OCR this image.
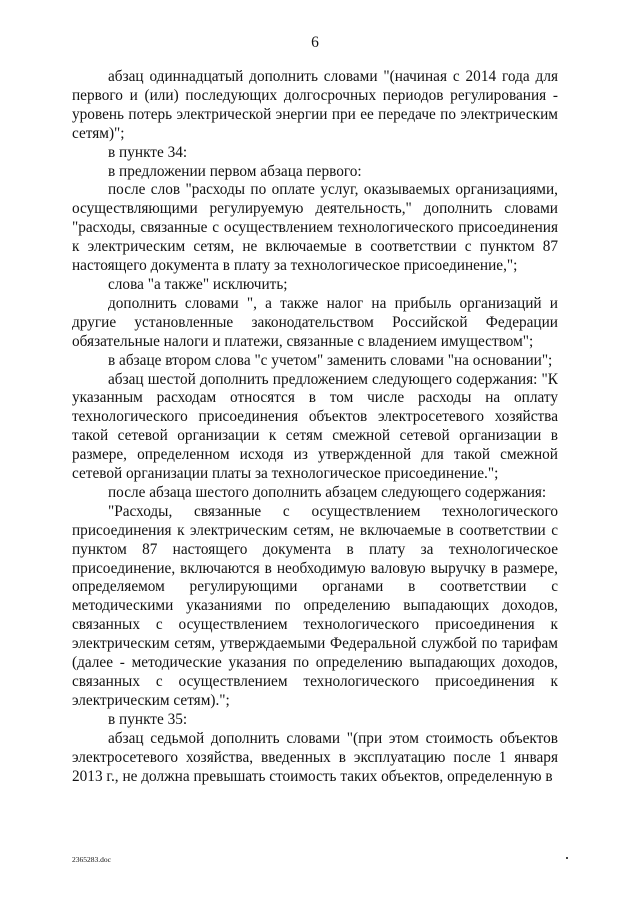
6

абзац одиннадцатый дополнить словами "(начиная с 2014 года для первого и (или) последующих долгосрочных периодов регулирования - уровень потерь электрической энергии при ее передаче по электрическим сетям)";

в пункте 34:

в предложении первом абзаца первого:

после слов "расходы по оплате услуг, оказываемых организациями, осуществляющими регулируемую деятельность," дополнить словами "расходы, связанные с осуществлением технологического присоединения к электрическим сетям, не включаемые в соответствии с пунктом 87 настоящего документа в плату за технологическое присоединение,";

слова "а также" исключить;

дополнить словами ", а также налог на прибыль организаций и другие установленные законодательством Российской Федерации обязательные налоги и платежи, связанные с владением имуществом";

в абзаце втором слова "с учетом" заменить словами "на основании";

абзац шестой дополнить предложением следующего содержания: "К указанным расходам относятся в том числе расходы на оплату технологического присоединения объектов электросетевого хозяйства такой сетевой организации к сетям смежной сетевой организации в размере, определенном исходя из утвержденной для такой смежной сетевой организации платы за технологическое присоединение.";

после абзаца шестого дополнить абзацем следующего содержания:

"Расходы, связанные с осуществлением технологического присоединения к электрическим сетям, не включаемые в соответствии с пунктом 87 настоящего документа в плату за технологическое присоединение, включаются в необходимую валовую выручку в размере, определяемом регулирующими органами в соответствии с методическими указаниями по определению выпадающих доходов, связанных с осуществлением технологического присоединения к электрическим сетям, утверждаемыми Федеральной службой по тарифам (далее - методические указания по определению выпадающих доходов, связанных с осуществлением технологического присоединения к электрическим сетям).";

в пункте 35:

абзац седьмой дополнить словами "(при этом стоимость объектов электросетевого хозяйства, введенных в эксплуатацию после 1 января 2013 г., не должна превышать стоимость таких объектов, определенную в

2365283.doc
